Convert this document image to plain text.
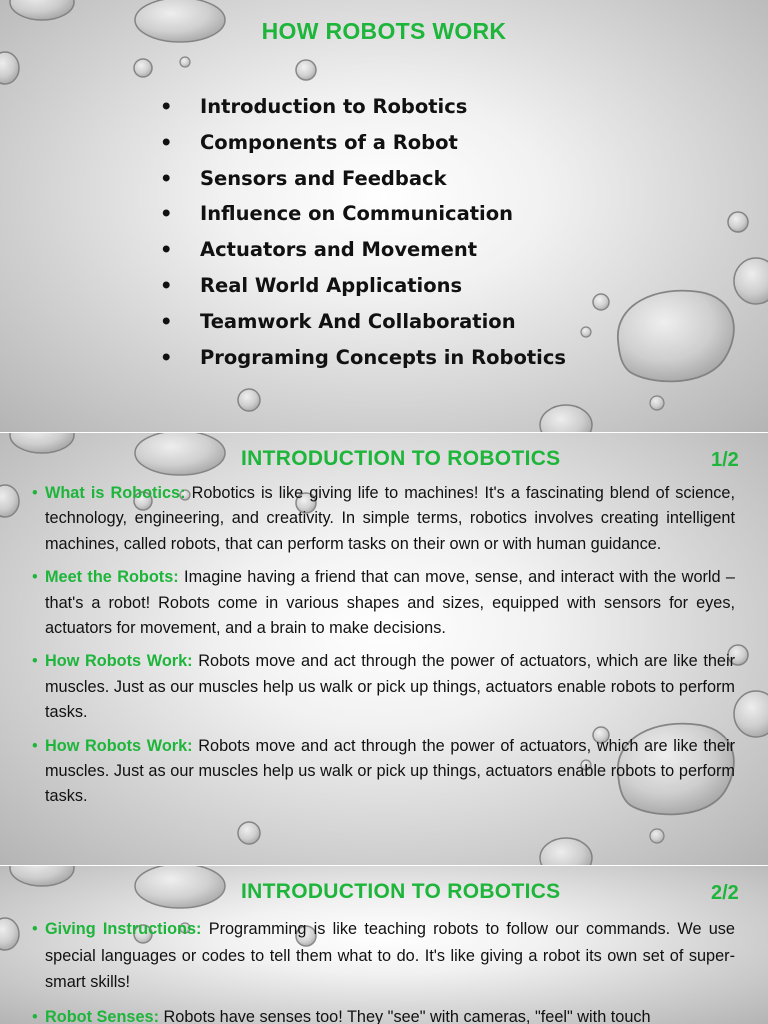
HOW ROBOTS WORK
• Introduction to Robotics
• Components of a Robot
• Sensors and Feedback
• Influence on Communication
• Actuators and Movement
• Real World Applications
• Teamwork And Collaboration
• Programing Concepts in Robotics
INTRODUCTION TO ROBOTICS	1/2
• What is Robotics: Robotics is like giving life to machines! It's a fascinating blend of science, technology, engineering, and creativity. In simple terms, robotics involves creating intelligent machines, called robots, that can perform tasks on their own or with human guidance.
• Meet the Robots: Imagine having a friend that can move, sense, and interact with the world – that's a robot! Robots come in various shapes and sizes, equipped with sensors for eyes, actuators for movement, and a brain to make decisions.
• How Robots Work: Robots move and act through the power of actuators, which are like their muscles. Just as our muscles help us walk or pick up things, actuators enable robots to perform tasks.
• How Robots Work: Robots move and act through the power of actuators, which are like their muscles. Just as our muscles help us walk or pick up things, actuators enable robots to perform tasks.
INTRODUCTION TO ROBOTICS	2/2
• Giving Instructions: Programming is like teaching robots to follow our commands. We use special languages or codes to tell them what to do. It's like giving a robot its own set of super-smart skills!
• Robot Senses: Robots have senses too! They "see" with cameras, "feel" with touch
